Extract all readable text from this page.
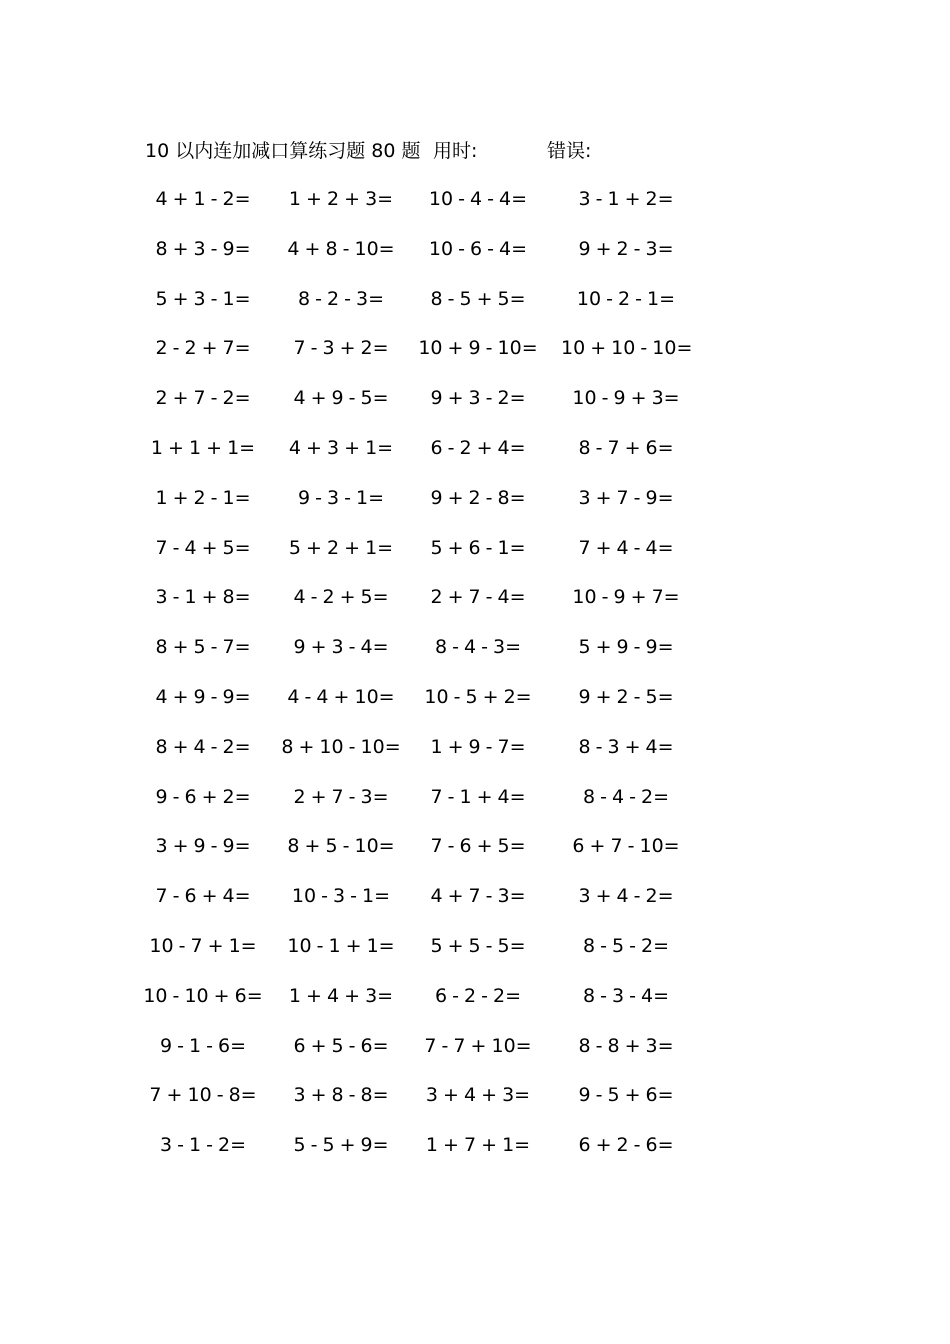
10 以内连加减口算练习题 80 题 用时:	错误:
4 + 1 - 2=	1 + 2 + 3=	10 - 4 - 4=	3 - 1 + 2=
8 + 3 - 9=	4 + 8 - 10=	10 - 6 - 4=	9 + 2 - 3=
5 + 3 - 1=	8 - 2 - 3=	8 - 5 + 5=	10 - 2 - 1=
2 - 2 + 7=	7 - 3 + 2=	10 + 9 - 10= 10 + 10 - 10=
2 + 7 - 2=	4 + 9 - 5=	9 + 3 - 2=	10 - 9 + 3=
1 + 1 + 1=	4 + 3 + 1=	6 - 2 + 4=	8 - 7 + 6=
1 + 2 - 1=	9 - 3 - 1=	9 + 2 - 8=	3 + 7 - 9=
7 - 4 + 5=	5 + 2 + 1=	5 + 6 - 1=	7 + 4 - 4=
3 - 1 + 8=	4 - 2 + 5=	2 + 7 - 4=	10 - 9 + 7=
8 + 5 - 7=	9 + 3 - 4=	8 - 4 - 3=	5 + 9 - 9=
4 + 9 - 9=	4 - 4 + 10=	10 - 5 + 2=	9 + 2 - 5=
8 + 4 - 2=	8 + 10 - 10=	1 + 9 - 7=	8 - 3 + 4=
9 - 6 + 2=	2 + 7 - 3=	7 - 1 + 4=	8 - 4 - 2=
3 + 9 - 9=	8 + 5 - 10=	7 - 6 + 5=	6 + 7 - 10=
7 - 6 + 4=	10 - 3 - 1=	4 + 7 - 3=	3 + 4 - 2=
10 - 7 + 1=	10 - 1 + 1=	5 + 5 - 5=	8 - 5 - 2=
10 - 10 + 6=	1 + 4 + 3=	6 - 2 - 2=	8 - 3 - 4=
9 - 1 - 6=	6 + 5 - 6=	7 - 7 + 10=	8 - 8 + 3=
7 + 10 - 8=	3 + 8 - 8=	3 + 4 + 3=	9 - 5 + 6=
3 - 1 - 2=	5 - 5 + 9=	1 + 7 + 1=	6 + 2 - 6=
